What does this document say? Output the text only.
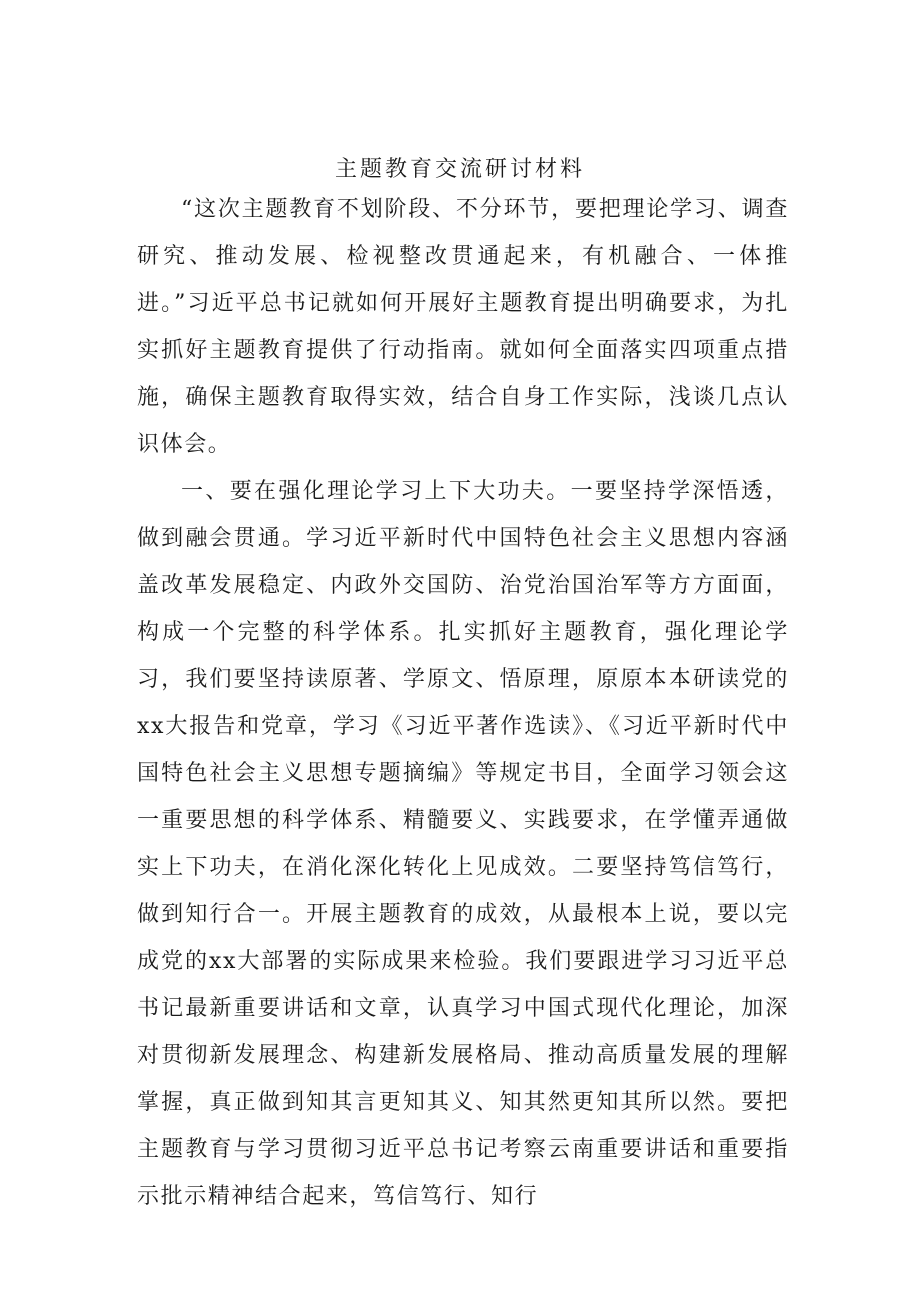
主题教育交流研讨材料

“这次主题教育不划阶段、不分环节，要把理论学习、调查研究、推动发展、检视整改贯通起来，有机融合、一体推进。”习近平总书记就如何开展好主题教育提出明确要求，为扎实抓好主题教育提供了行动指南。就如何全面落实四项重点措施，确保主题教育取得实效，结合自身工作实际，浅谈几点认识体会。

一、要在强化理论学习上下大功夫。一要坚持学深悟透，做到融会贯通。学习近平新时代中国特色社会主义思想内容涵盖改革发展稳定、内政外交国防、治党治国治军等方方面面，构成一个完整的科学体系。扎实抓好主题教育，强化理论学习，我们要坚持读原著、学原文、悟原理，原原本本研读党的xx大报告和党章，学习《习近平著作选读》、《习近平新时代中国特色社会主义思想专题摘编》等规定书目，全面学习领会这一重要思想的科学体系、精髓要义、实践要求，在学懂弄通做实上下功夫，在消化深化转化上见成效。二要坚持笃信笃行，做到知行合一。开展主题教育的成效，从最根本上说，要以完成党的xx大部署的实际成果来检验。我们要跟进学习习近平总书记最新重要讲话和文章，认真学习中国式现代化理论，加深对贯彻新发展理念、构建新发展格局、推动高质量发展的理解掌握，真正做到知其言更知其义、知其然更知其所以然。要把主题教育与学习贯彻习近平总书记考察云南重要讲话和重要指示批示精神结合起来，笃信笃行、知行
